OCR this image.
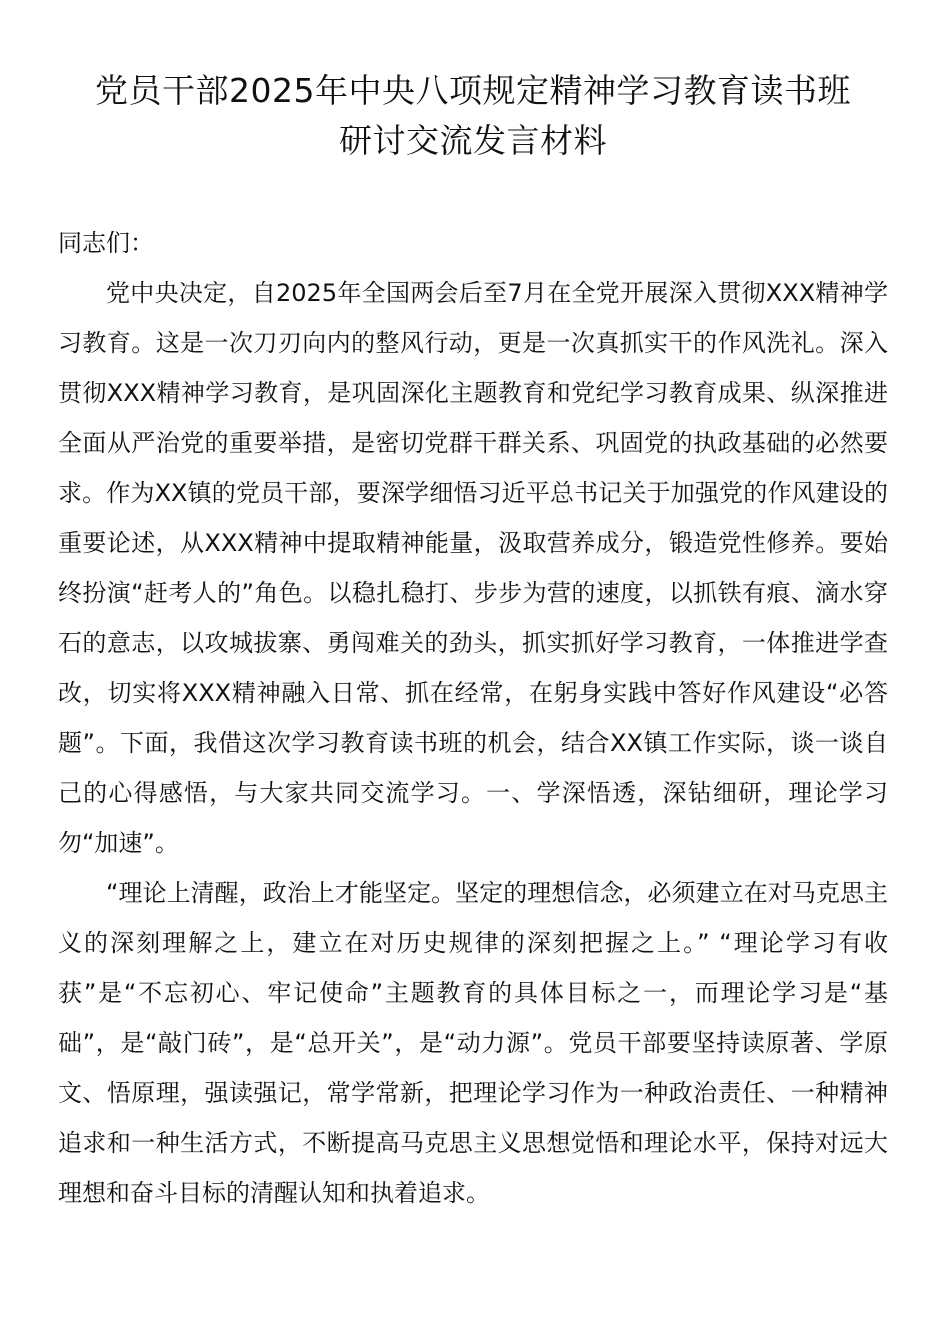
党员干部2025年中央八项规定精神学习教育读书班
研讨交流发言材料

同志们：

党中央决定，自2025年全国两会后至7月在全党开展深入贯彻XXX精神学习教育。这是一次刀刃向内的整风行动，更是一次真抓实干的作风洗礼。深入贯彻XXX精神学习教育，是巩固深化主题教育和党纪学习教育成果、纵深推进全面从严治党的重要举措，是密切党群干群关系、巩固党的执政基础的必然要求。作为XX镇的党员干部，要深学细悟习近平总书记关于加强党的作风建设的重要论述，从XXX精神中提取精神能量，汲取营养成分，锻造党性修养。要始终扮演“赶考人的”角色。以稳扎稳打、步步为营的速度，以抓铁有痕、滴水穿石的意志，以攻城拔寨、勇闯难关的劲头，抓实抓好学习教育，一体推进学查改，切实将XXX精神融入日常、抓在经常，在躬身实践中答好作风建设“必答题”。下面，我借这次学习教育读书班的机会，结合XX镇工作实际，谈一谈自己的心得感悟，与大家共同交流学习。一、学深悟透，深钻细研，理论学习勿“加速”。

“理论上清醒，政治上才能坚定。坚定的理想信念，必须建立在对马克思主义的深刻理解之上，建立在对历史规律的深刻把握之上。” “理论学习有收获”是“不忘初心、牢记使命”主题教育的具体目标之一，而理论学习是“基础”，是“敲门砖”，是“总开关”，是“动力源”。党员干部要坚持读原著、学原文、悟原理，强读强记，常学常新，把理论学习作为一种政治责任、一种精神追求和一种生活方式，不断提高马克思主义思想觉悟和理论水平，保持对远大理想和奋斗目标的清醒认知和执着追求。
